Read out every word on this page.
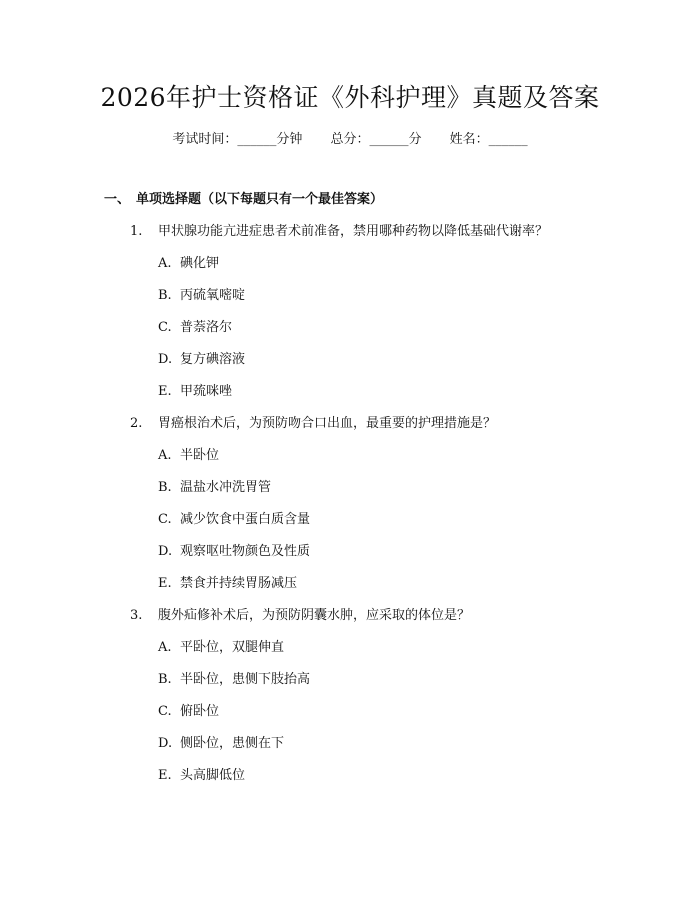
2026年护士资格证《外科护理》真题及答案
考试时间：______分钟 总分：______分 姓名：______
一、 单项选择题（以下每题只有一个最佳答案）
1. 甲状腺功能亢进症患者术前准备，禁用哪种药物以降低基础代谢率？
A. 碘化钾
B. 丙硫氧嘧啶
C. 普萘洛尔
D. 复方碘溶液
E. 甲巯咪唑
2. 胃癌根治术后，为预防吻合口出血，最重要的护理措施是？
A. 半卧位
B. 温盐水冲洗胃管
C. 减少饮食中蛋白质含量
D. 观察呕吐物颜色及性质
E. 禁食并持续胃肠减压
3. 腹外疝修补术后，为预防阴囊水肿，应采取的体位是？
A. 平卧位，双腿伸直
B. 半卧位，患侧下肢抬高
C. 俯卧位
D. 侧卧位，患侧在下
E. 头高脚低位
